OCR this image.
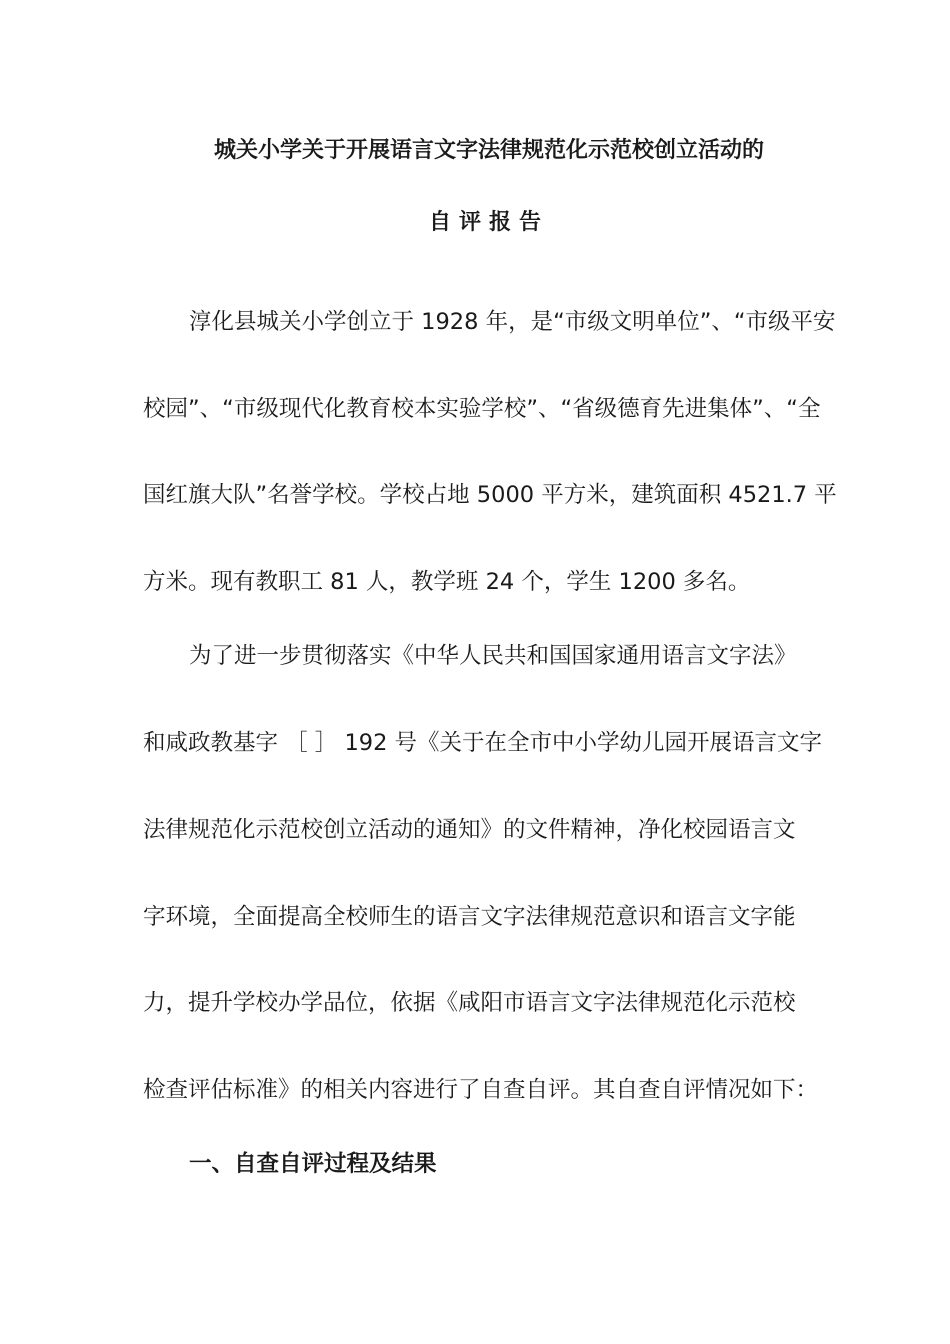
城关小学关于开展语言文字法律规范化示范校创立活动的
自评报告
淳化县城关小学创立于 1928 年，是“市级文明单位”、“市级平安
校园”、“市级现代化教育校本实验学校”、“省级德育先进集体”、“全
国红旗大队”名誉学校。学校占地 5000 平方米，建筑面积 4521.7 平
方米。现有教职工 81 人，教学班 24 个，学生 1200 多名。
为了进一步贯彻落实《中华人民共和国国家通用语言文字法》
和咸政教基字 ［ ］ 192 号《关于在全市中小学幼儿园开展语言文字
法律规范化示范校创立活动的通知》的文件精神，净化校园语言文
字环境，全面提高全校师生的语言文字法律规范意识和语言文字能
力，提升学校办学品位，依据《咸阳市语言文字法律规范化示范校
检查评估标准》的相关内容进行了自查自评。其自查自评情况如下：
一、自查自评过程及结果
